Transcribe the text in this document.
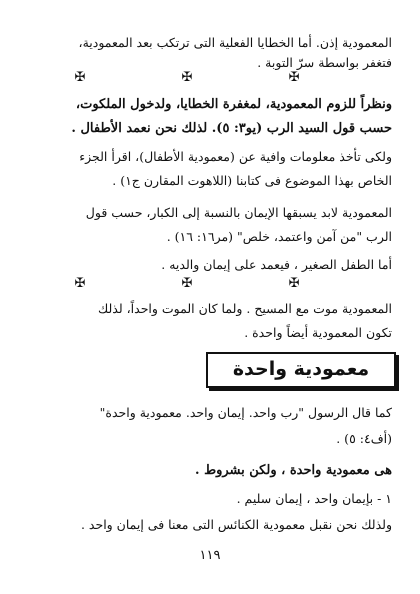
المعمودية إذن. أما الخطايا الفعلية التى ترتكب بعد المعمودية،
فتغفر بواسطة سرّ التوبة .
✠ ✠ ✠
ونظراً للزوم المعمودية، لمغفرة الخطايا، ولدخول الملكوت،
حسب قول السيد الرب (يو٣: ٥). لذلك نحن نعمد الأطفال .
ولكى تأخذ معلومات وافية عن (معمودية الأطفال)، اقرأ الجزء
الخاص بهذا الموضوع فى كتابنا (اللاهوت المقارن ج١) .
المعمودية لابد يسبقها الإيمان بالنسبة إلى الكبار، حسب قول
الرب "من آمن واعتمد، خلص" (مر١٦: ١٦) .
أما الطفل الصغير ، فيعمد على إيمان والديه .
✠ ✠ ✠
المعمودية موت مع المسيح . ولما كان الموت واحداً، لذلك
تكون المعمودية أيضاً واحدة .
معمودية واحدة
كما قال الرسول "رب واحد. إيمان واحد. معمودية واحدة"
(أف٤: ٥) .
هى معمودية واحدة ، ولكن بشروط .
١ - بإيمان واحد ، إيمان سليم .
ولذلك نحن نقبل معمودية الكنائس التى معنا فى إيمان واحد .
١١٩
